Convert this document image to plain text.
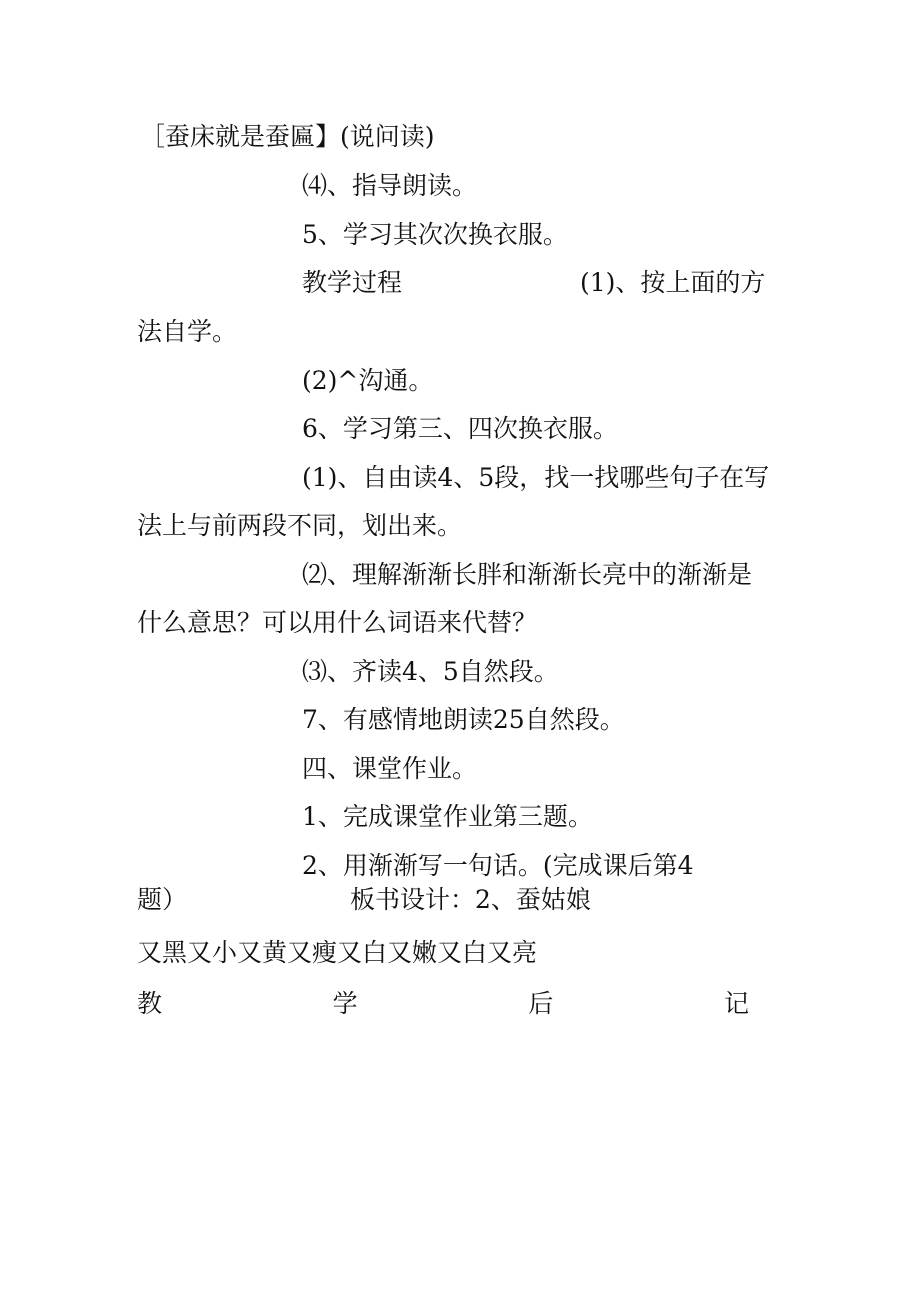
［蚕床就是蚕匾】(说问读)
⑷、指导朗读。
5、学习其次次换衣服。
教学过程	(1)、按上面的方
法自学。
(2)^沟通。
6、学习第三、四次换衣服。
(1)、自由读4、5段，找一找哪些句子在写
法上与前两段不同，划出来。
⑵、理解渐渐长胖和渐渐长亮中的渐渐是
什么意思？可以用什么词语来代替？
⑶、齐读4、5自然段。
7、有感情地朗读25自然段。
四、课堂作业。
1、完成课堂作业第三题。
2、用渐渐写一句话。(完成课后第4
题）	板书设计：2、蚕姑娘
又黑又小又黄又瘦又白又嫩又白又亮
教	学	后	记
